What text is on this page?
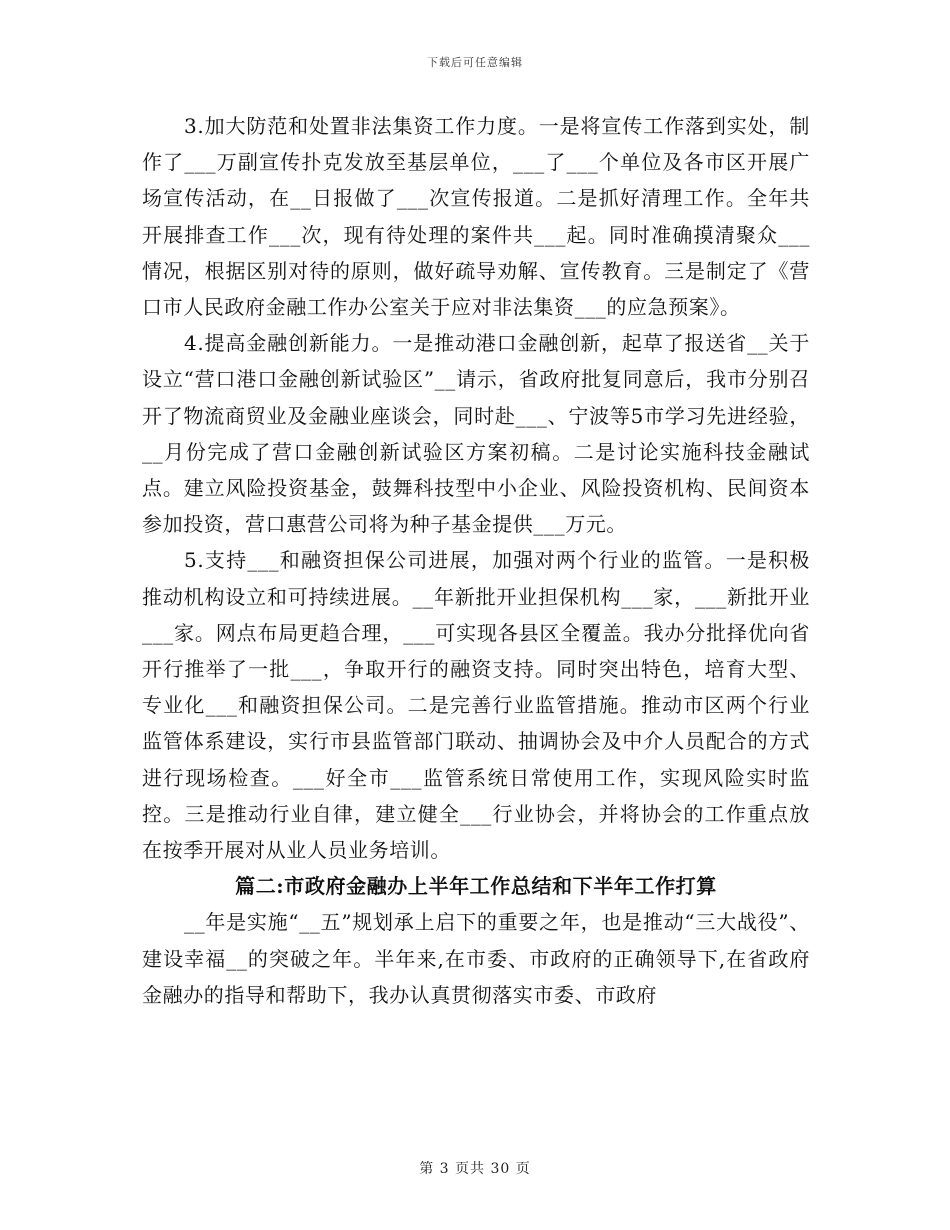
下载后可任意编辑

3.加大防范和处置非法集资工作力度。一是将宣传工作落到实处，制作了___万副宣传扑克发放至基层单位，___了___个单位及各市区开展广场宣传活动，在__日报做了___次宣传报道。二是抓好清理工作。全年共开展排查工作___次，现有待处理的案件共___起。同时准确摸清聚众___情况，根据区别对待的原则，做好疏导劝解、宣传教育。三是制定了《营口市人民政府金融工作办公室关于应对非法集资___的应急预案》。

4.提高金融创新能力。一是推动港口金融创新，起草了报送省__关于设立“营口港口金融创新试验区”__请示，省政府批复同意后，我市分别召开了物流商贸业及金融业座谈会，同时赴___、宁波等5市学习先进经验，__月份完成了营口金融创新试验区方案初稿。二是讨论实施科技金融试点。建立风险投资基金，鼓舞科技型中小企业、风险投资机构、民间资本参加投资，营口惠营公司将为种子基金提供___万元。

5.支持___和融资担保公司进展，加强对两个行业的监管。一是积极推动机构设立和可持续进展。__年新批开业担保机构___家，___新批开业___家。网点布局更趋合理，___可实现各县区全覆盖。我办分批择优向省开行推举了一批___，争取开行的融资支持。同时突出特色，培育大型、专业化___和融资担保公司。二是完善行业监管措施。推动市区两个行业监管体系建设，实行市县监管部门联动、抽调协会及中介人员配合的方式进行现场检查。___好全市___监管系统日常使用工作，实现风险实时监控。三是推动行业自律，建立健全___行业协会，并将协会的工作重点放在按季开展对从业人员业务培训。

篇二:市政府金融办上半年工作总结和下半年工作打算

__年是实施“__五”规划承上启下的重要之年，也是推动“三大战役”、建设幸福__的突破之年。半年来,在市委、市政府的正确领导下,在省政府金融办的指导和帮助下，我办认真贯彻落实市委、市政府

第 3 页共 30 页
